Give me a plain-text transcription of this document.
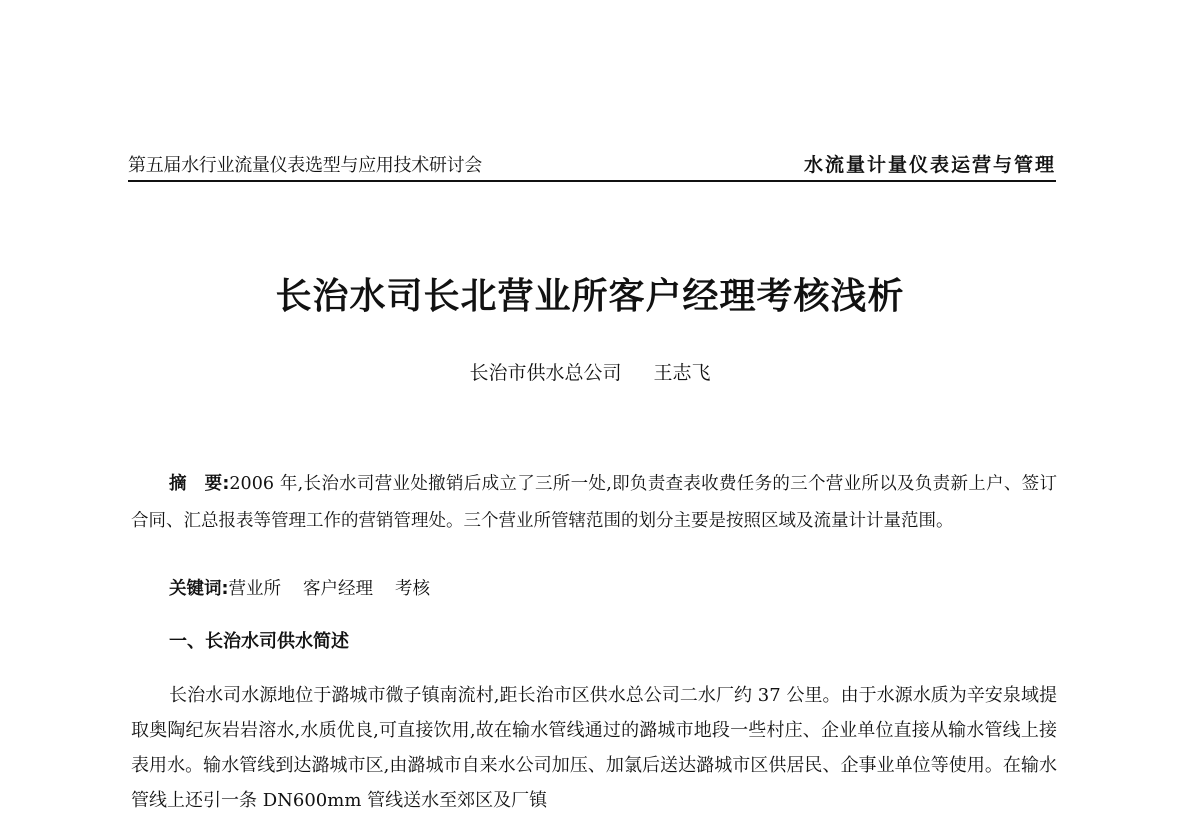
第五届水行业流量仪表选型与应用技术研讨会	水流量计量仪表运营与管理
长治水司长北营业所客户经理考核浅析
长治市供水总公司 王志飞
摘　要:2006 年,长治水司营业处撤销后成立了三所一处,即负责查表收费任务的三个营业所以及负责新上户、签订合同、汇总报表等管理工作的营销管理处。三个营业所管辖范围的划分主要是按照区域及流量计计量范围。
关键词:营业所 客户经理 考核
一、长治水司供水简述
长治水司水源地位于潞城市微子镇南流村,距长治市区供水总公司二水厂约 37 公里。由于水源水质为辛安泉域提取奥陶纪灰岩岩溶水,水质优良,可直接饮用,故在输水管线通过的潞城市地段一些村庄、企业单位直接从输水管线上接表用水。输水管线到达潞城市区,由潞城市自来水公司加压、加氯后送达潞城市区供居民、企事业单位等使用。在输水管线上还引一条 DN600mm 管线送水至郊区及厂镇
